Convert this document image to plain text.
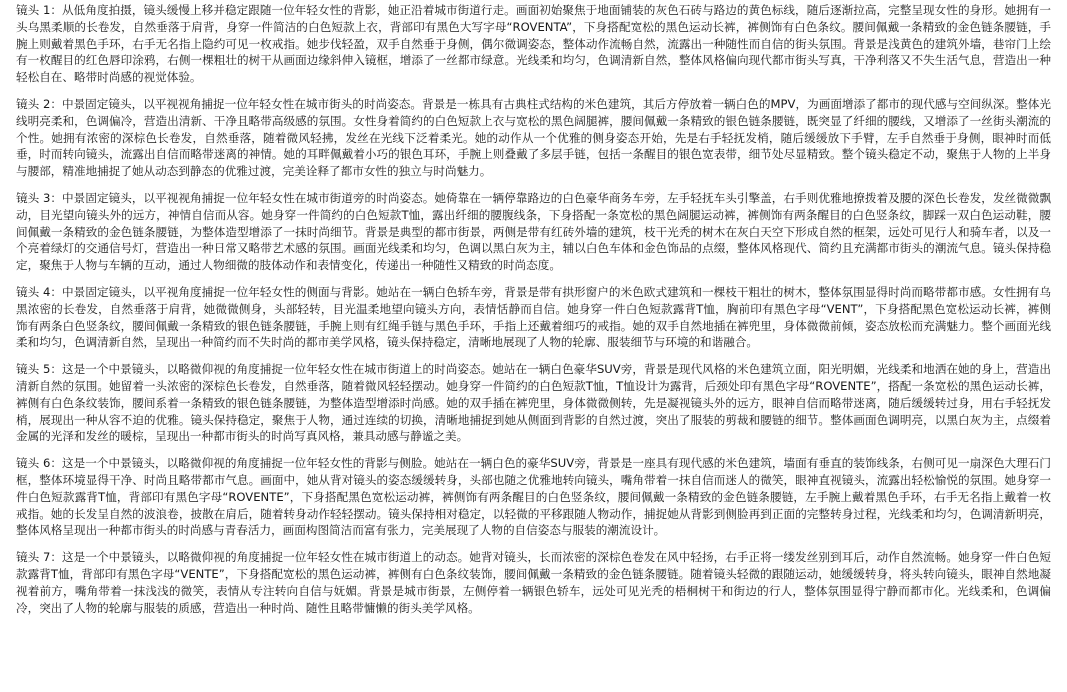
镜头 1：从低角度拍摄，镜头缓慢上移并稳定跟随一位年轻女性的背影，她正沿着城市街道行走。画面初始聚焦于地面铺装的灰色石砖与路边的黄色标线，随后逐渐拉高，完整呈现女性的身形。她拥有一头乌黑柔顺的长卷发，自然垂落于肩背，身穿一件简洁的白色短款上衣，背部印有黑色大写字母“ROVENTA”，下身搭配宽松的黑色运动长裤，裤侧饰有白色条纹。腰间佩戴一条精致的金色链条腰链，手腕上则戴着黑色手环，右手无名指上隐约可见一枚戒指。她步伐轻盈，双手自然垂于身侧，偶尔微调姿态，整体动作流畅自然，流露出一种随性而自信的街头氛围。背景是浅黄色的建筑外墙，巷帘门上绘有一枚醒目的红色唇印涂鸦，右侧一棵粗壮的树干从画面边缘斜伸入镜框，增添了一丝都市绿意。光线柔和均匀，色调清新自然，整体风格偏向现代都市街头写真，干净利落又不失生活气息，营造出一种轻松自在、略带时尚感的视觉体验。

镜头 2：中景固定镜头，以平视视角捕捉一位年轻女性在城市街头的时尚姿态。背景是一栋具有古典柱式结构的米色建筑，其后方停放着一辆白色的MPV，为画面增添了都市的现代感与空间纵深。整体光线明亮柔和，色调偏冷，营造出清新、干净且略带高级感的氛围。女性身着简约的白色短款上衣与宽松的黑色阔腿裤，腰间佩戴一条精致的银色链条腰链，既突显了纤细的腰线，又增添了一丝街头潮流的个性。她拥有浓密的深棕色长卷发，自然垂落，随着微风轻拂，发丝在光线下泛着柔光。她的动作从一个优雅的侧身姿态开始，先是右手轻抚发梢，随后缓缓放下手臂，左手自然垂于身侧，眼神时而低垂，时而转向镜头，流露出自信而略带迷离的神情。她的耳畔佩戴着小巧的银色耳环，手腕上则叠戴了多层手链，包括一条醒目的银色宽表带，细节处尽显精致。整个镜头稳定不动，聚焦于人物的上半身与腰部，精准地捕捉了她从动态到静态的优雅过渡，完美诠释了都市女性的独立与时尚魅力。

镜头 3：中景固定镜头，以平视视角捕捉一位年轻女性在城市街道旁的时尚姿态。她倚靠在一辆停靠路边的白色豪华商务车旁，左手轻抚车头引擎盖，右手则优雅地撩拨着及腰的深色长卷发，发丝微微飘动，目光望向镜头外的远方，神情自信而从容。她身穿一件简约的白色短款T恤，露出纤细的腰腹线条，下身搭配一条宽松的黑色阔腿运动裤，裤侧饰有两条醒目的白色竖条纹，脚踩一双白色运动鞋，腰间佩戴一条精致的金色链条腰链，为整体造型增添了一抹时尚细节。背景是典型的都市街景，两侧是带有红砖外墙的建筑，枝干光秃的树木在灰白天空下形成自然的框架，远处可见行人和骑车者，以及一个亮着绿灯的交通信号灯，营造出一种日常又略带艺术感的氛围。画面光线柔和均匀，色调以黑白灰为主，辅以白色车体和金色饰品的点缀，整体风格现代、简约且充满都市街头的潮流气息。镜头保持稳定，聚焦于人物与车辆的互动，通过人物细微的肢体动作和表情变化，传递出一种随性又精致的时尚态度。

镜头 4：中景固定镜头，以平视角度捕捉一位年轻女性的侧面与背影。她站在一辆白色轿车旁，背景是带有拱形窗户的米色欧式建筑和一棵枝干粗壮的树木，整体氛围显得时尚而略带都市感。女性拥有乌黑浓密的长卷发，自然垂落于肩背，她微微侧身，头部轻转，目光温柔地望向镜头方向，表情恬静而自信。她身穿一件白色短款露背T恤，胸前印有黑色字母“VENT”，下身搭配黑色宽松运动长裤，裤侧饰有两条白色竖条纹，腰间佩戴一条精致的银色链条腰链，手腕上则有红绳手链与黑色手环，手指上还戴着细巧的戒指。她的双手自然地插在裤兜里，身体微微前倾，姿态放松而充满魅力。整个画面光线柔和均匀，色调清新自然，呈现出一种简约而不失时尚的都市美学风格，镜头保持稳定，清晰地展现了人物的轮廓、服装细节与环境的和谐融合。

镜头 5：这是一个中景镜头，以略微仰视的角度捕捉一位年轻女性在城市街道上的时尚姿态。她站在一辆白色豪华SUV旁，背景是现代风格的米色建筑立面，阳光明媚，光线柔和地洒在她的身上，营造出清新自然的氛围。她留着一头浓密的深棕色长卷发，自然垂落，随着微风轻轻摆动。她身穿一件简约的白色短款T恤，T恤设计为露背，后颈处印有黑色字母“ROVENTE”，搭配一条宽松的黑色运动长裤，裤侧有白色条纹装饰，腰间系着一条精致的银色链条腰链，为整体造型增添时尚感。她的双手插在裤兜里，身体微微侧转，先是凝视镜头外的远方，眼神自信而略带迷离，随后缓缓转过身，用右手轻抚发梢，展现出一种从容不迫的优雅。镜头保持稳定，聚焦于人物，通过连续的切换，清晰地捕捉到她从侧面到背影的自然过渡，突出了服装的剪裁和腰链的细节。整体画面色调明亮，以黑白灰为主，点缀着金属的光泽和发丝的暖棕，呈现出一种都市街头的时尚写真风格，兼具动感与静谧之美。

镜头 6：这是一个中景镜头，以略微仰视的角度捕捉一位年轻女性的背影与侧脸。她站在一辆白色的豪华SUV旁，背景是一座具有现代感的米色建筑，墙面有垂直的装饰线条，右侧可见一扇深色大理石门框，整体环境显得干净、时尚且略带都市气息。画面中，她从背对镜头的姿态缓缓转身，头部也随之优雅地转向镜头，嘴角带着一抹自信而迷人的微笑，眼神直视镜头，流露出轻松愉悦的氛围。她身穿一件白色短款露背T恤，背部印有黑色字母“ROVENTE”，下身搭配黑色宽松运动裤，裤侧饰有两条醒目的白色竖条纹，腰间佩戴一条精致的金色链条腰链，左手腕上戴着黑色手环，右手无名指上戴着一枚戒指。她的长发呈自然的波浪卷，披散在肩后，随着转身动作轻轻摆动。镜头保持相对稳定，以轻微的平移跟随人物动作，捕捉她从背影到侧脸再到正面的完整转身过程，光线柔和均匀，色调清新明亮，整体风格呈现出一种都市街头的时尚感与青春活力，画面构图简洁而富有张力，完美展现了人物的自信姿态与服装的潮流设计。

镜头 7：这是一个中景镜头，以略微仰视的角度捕捉一位年轻女性在城市街道上的动态。她背对镜头，长而浓密的深棕色卷发在风中轻扬，右手正将一缕发丝别到耳后，动作自然流畅。她身穿一件白色短款露背T恤，背部印有黑色字母“VENTE”，下身搭配宽松的黑色运动裤，裤侧有白色条纹装饰，腰间佩戴一条精致的金色链条腰链。随着镜头轻微的跟随运动，她缓缓转身，将头转向镜头，眼神自然地凝视着前方，嘴角带着一抹浅浅的微笑，表情从专注转向自信与妩媚。背景是城市街景，左侧停着一辆银色轿车，远处可见光秃的梧桐树干和街边的行人，整体氛围显得宁静而都市化。光线柔和，色调偏冷，突出了人物的轮廓与服装的质感，营造出一种时尚、随性且略带慵懒的街头美学风格。
